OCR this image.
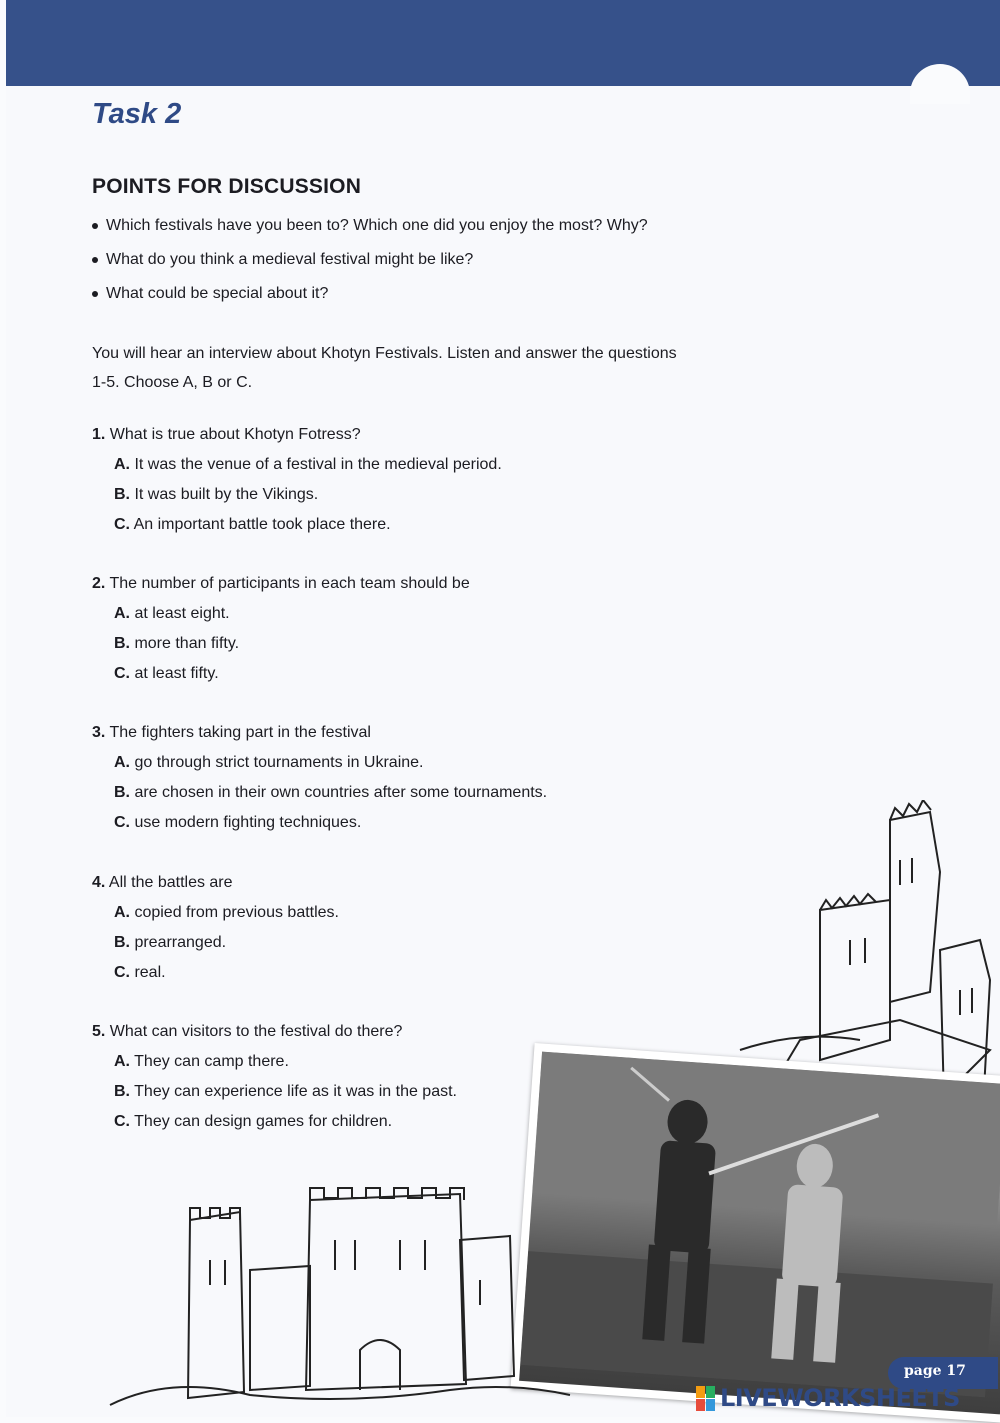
Task 2
POINTS FOR DISCUSSION
Which festivals have you been to? Which one did you enjoy the most? Why?
What do you think a medieval festival might be like?
What could be special about it?
You will hear an interview about Khotyn Festivals. Listen and answer the questions
1-5. Choose A, B or C.
1. What is true about Khotyn Fotress?
A. It was the venue of a festival in the medieval period.
B. It was built by the Vikings.
C. An important battle took place there.
2. The number of participants in each team should be
A. at least eight.
B. more than fifty.
C. at least fifty.
3. The fighters taking part in the festival
A. go through strict tournaments in Ukraine.
B. are chosen in their own countries after some tournaments.
C. use modern fighting techniques.
4. All the battles are
A. copied from previous battles.
B. prearranged.
C. real.
5. What can visitors to the festival do there?
A. They can camp there.
B. They can experience life as it was in the past.
C. They can design games for children.
page 17
LIVEWORKSHEETS
